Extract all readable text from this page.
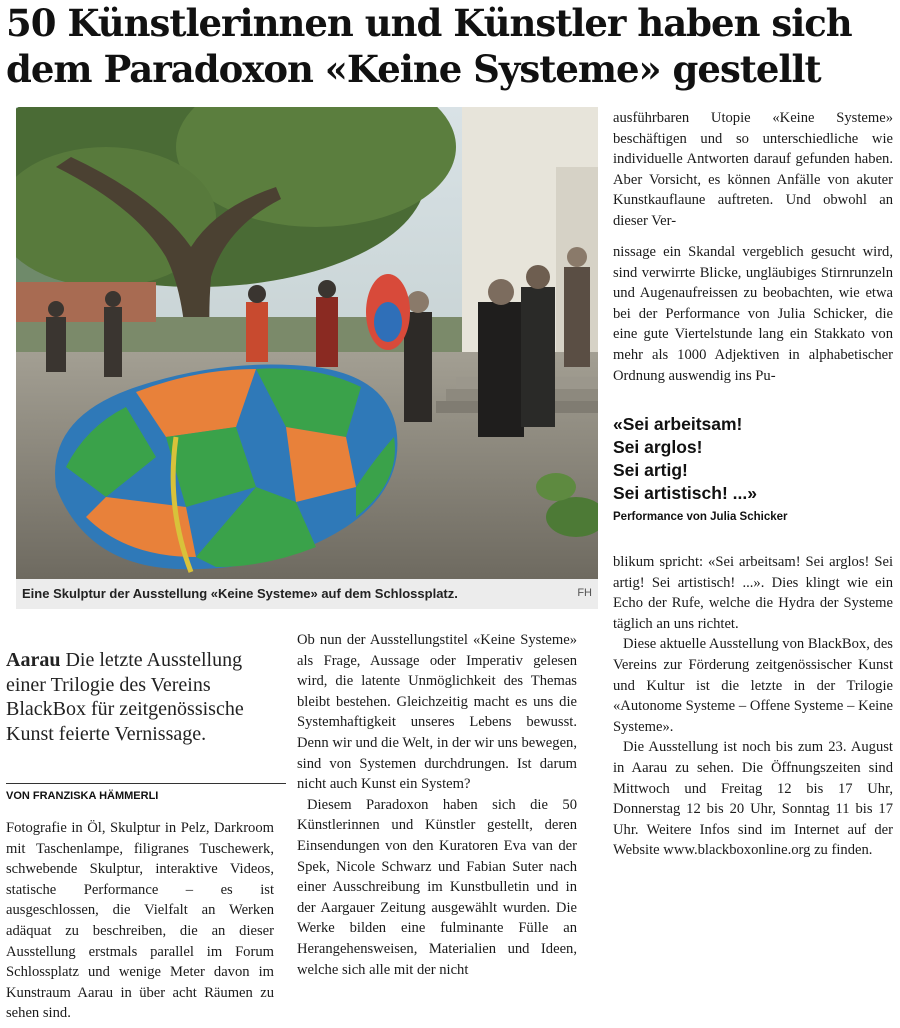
50 Künstlerinnen und Künstler haben sich
dem Paradoxon «Keine Systeme» gestellt
Eine Skulptur der Ausstellung «Keine Systeme» auf dem Schlossplatz.	FH
Aarau Die letzte Ausstellung einer Trilogie des Vereins BlackBox für zeitgenössische Kunst feierte Vernissage.
VON FRANZISKA HÄMMERLI

Fotografie in Öl, Skulptur in Pelz, Darkroom mit Taschenlampe, filigranes Tuschewerk, schwebende Skulptur, interaktive Videos, statische Performance – es ist ausgeschlossen, die Vielfalt an Werken adäquat zu beschreiben, die an dieser Ausstellung erstmals parallel im Forum Schlossplatz und wenige Meter davon im Kunstraum Aarau in über acht Räumen zu sehen sind.

Ob nun der Ausstellungstitel «Keine Systeme» als Frage, Aussage oder Imperativ gelesen wird, die latente Unmöglichkeit des Themas bleibt bestehen. Gleichzeitig macht es uns die Systemhaftigkeit unseres Lebens bewusst. Denn wir und die Welt, in der wir uns bewegen, sind von Systemen durchdrungen. Ist darum nicht auch Kunst ein System?

Diesem Paradoxon haben sich die 50 Künstlerinnen und Künstler gestellt, deren Einsendungen von den Kuratoren Eva van der Spek, Nicole Schwarz und Fabian Suter nach einer Ausschreibung im Kunstbulletin und in der Aargauer Zeitung ausgewählt wurden. Die Werke bilden eine fulminante Fülle an Herangehensweisen, Materialien und Ideen, welche sich alle mit der nicht

ausführbaren Utopie «Keine Systeme» beschäftigen und so unterschiedliche wie individuelle Antworten darauf gefunden haben. Aber Vorsicht, es können Anfälle von akuter Kunstkauflaune auftreten. Und obwohl an dieser Ver-

nissage ein Skandal vergeblich gesucht wird, sind verwirrte Blicke, ungläubiges Stirnrunzeln und Augenaufreissen zu beobachten, wie etwa bei der Performance von Julia Schicker, die eine gute Viertelstunde lang ein Stakkato von mehr als 1000 Adjektiven in alphabetischer Ordnung auswendig ins Pu-

«Sei arbeitsam!
Sei arglos!
Sei artig!
Sei artistisch! ...»
Performance von Julia Schicker

blikum spricht: «Sei arbeitsam! Sei arglos! Sei artig! Sei artistisch! ...». Dies klingt wie ein Echo der Rufe, welche die Hydra der Systeme täglich an uns richtet.

Diese aktuelle Ausstellung von BlackBox, des Vereins zur Förderung zeitgenössischer Kunst und Kultur ist die letzte in der Trilogie «Autonome Systeme – Offene Systeme – Keine Systeme».

Die Ausstellung ist noch bis zum 23. August in Aarau zu sehen. Die Öffnungszeiten sind Mittwoch und Freitag 12 bis 17 Uhr, Donnerstag 12 bis 20 Uhr, Sonntag 11 bis 17 Uhr. Weitere Infos sind im Internet auf der Website www.blackboxonline.org zu finden.
